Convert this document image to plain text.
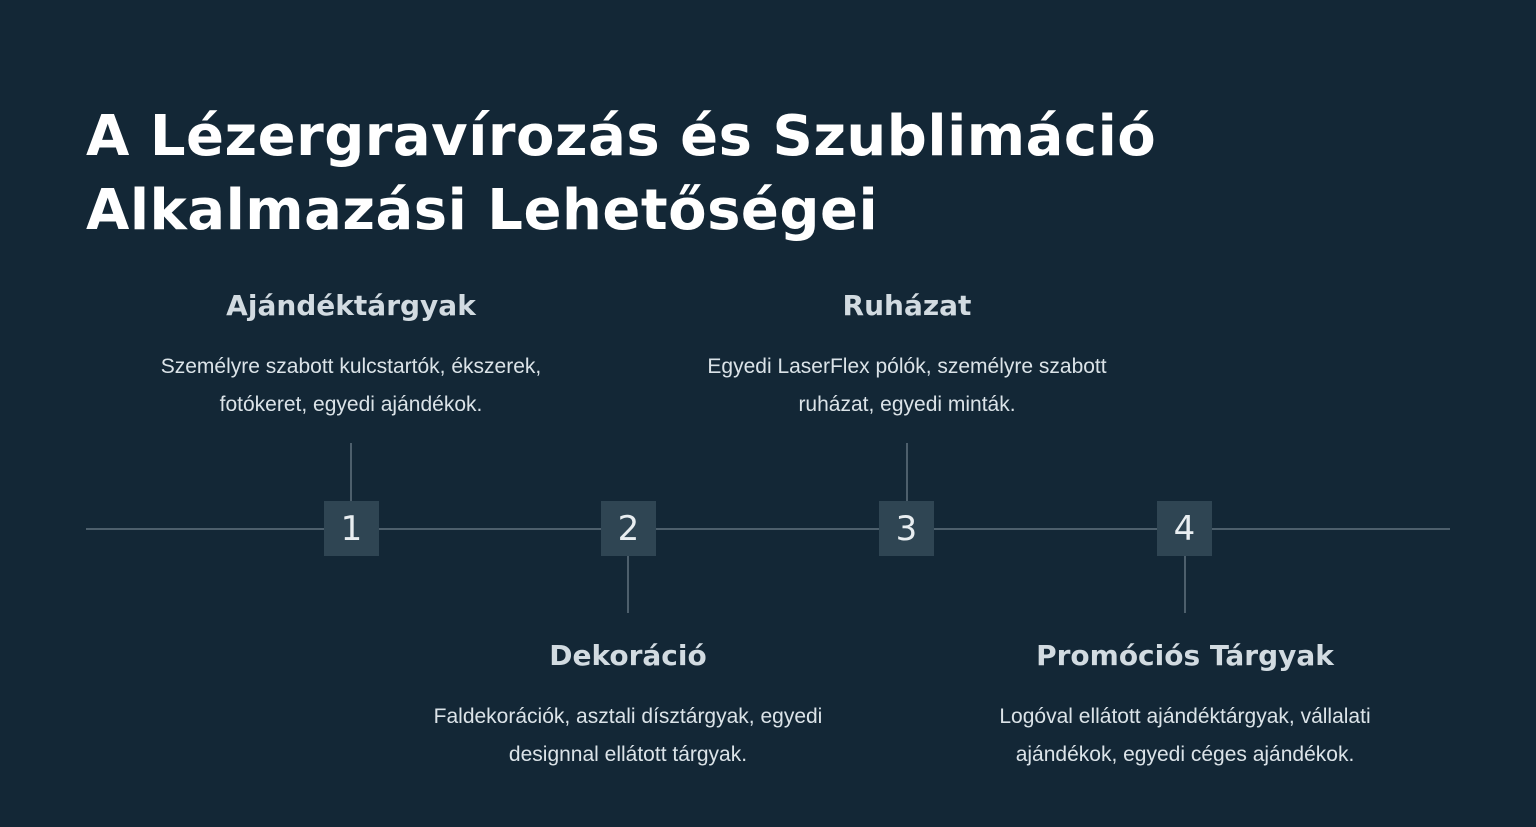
A Lézergravírozás és Szublimáció Alkalmazási Lehetőségei
1	2	3	4
Ajándéktárgyak

Személyre szabott kulcstartók, ékszerek, fotókeret, egyedi ajándékok.

Dekoráció

Faldekorációk, asztali dísztárgyak, egyedi designnal ellátott tárgyak.

Ruházat

Egyedi LaserFlex pólók, személyre szabott ruházat, egyedi minták.

Promóciós Tárgyak

Logóval ellátott ajándéktárgyak, vállalati ajándékok, egyedi céges ajándékok.
